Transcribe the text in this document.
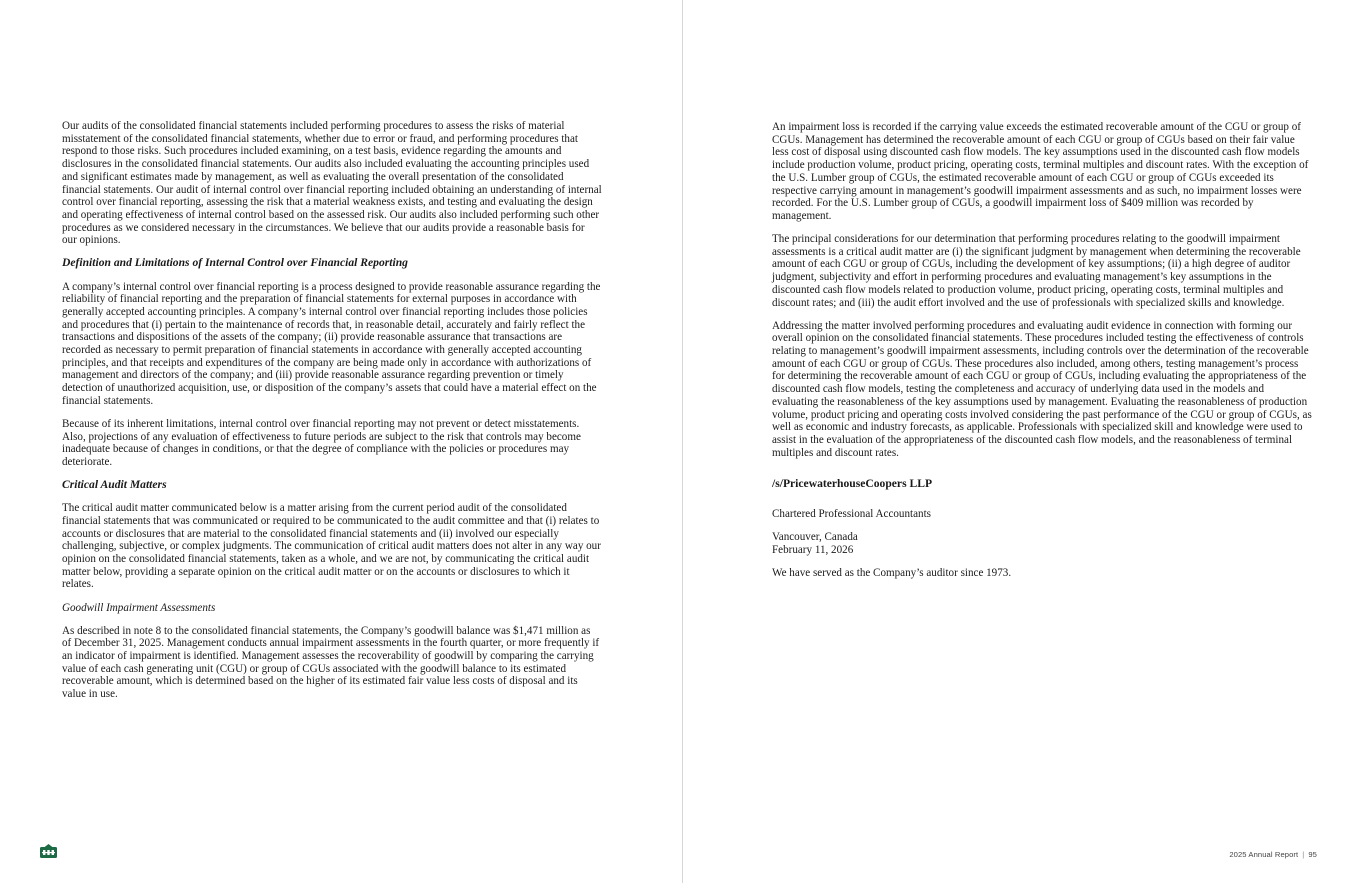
Our audits of the consolidated financial statements included performing procedures to assess the risks of material misstatement of the consolidated financial statements, whether due to error or fraud, and performing procedures that respond to those risks. Such procedures included examining, on a test basis, evidence regarding the amounts and disclosures in the consolidated financial statements. Our audits also included evaluating the accounting principles used and significant estimates made by management, as well as evaluating the overall presentation of the consolidated financial statements. Our audit of internal control over financial reporting included obtaining an understanding of internal control over financial reporting, assessing the risk that a material weakness exists, and testing and evaluating the design and operating effectiveness of internal control based on the assessed risk. Our audits also included performing such other procedures as we considered necessary in the circumstances. We believe that our audits provide a reasonable basis for our opinions.

Definition and Limitations of Internal Control over Financial Reporting

A company’s internal control over financial reporting is a process designed to provide reasonable assurance regarding the reliability of financial reporting and the preparation of financial statements for external purposes in accordance with generally accepted accounting principles. A company’s internal control over financial reporting includes those policies and procedures that (i) pertain to the maintenance of records that, in reasonable detail, accurately and fairly reflect the transactions and dispositions of the assets of the company; (ii) provide reasonable assurance that transactions are recorded as necessary to permit preparation of financial statements in accordance with generally accepted accounting principles, and that receipts and expenditures of the company are being made only in accordance with authorizations of management and directors of the company; and (iii) provide reasonable assurance regarding prevention or timely detection of unauthorized acquisition, use, or disposition of the company’s assets that could have a material effect on the financial statements.

Because of its inherent limitations, internal control over financial reporting may not prevent or detect misstatements. Also, projections of any evaluation of effectiveness to future periods are subject to the risk that controls may become inadequate because of changes in conditions, or that the degree of compliance with the policies or procedures may deteriorate.

Critical Audit Matters

The critical audit matter communicated below is a matter arising from the current period audit of the consolidated financial statements that was communicated or required to be communicated to the audit committee and that (i) relates to accounts or disclosures that are material to the consolidated financial statements and (ii) involved our especially challenging, subjective, or complex judgments. The communication of critical audit matters does not alter in any way our opinion on the consolidated financial statements, taken as a whole, and we are not, by communicating the critical audit matter below, providing a separate opinion on the critical audit matter or on the accounts or disclosures to which it relates.

Goodwill Impairment Assessments

As described in note 8 to the consolidated financial statements, the Company’s goodwill balance was $1,471 million as of December 31, 2025. Management conducts annual impairment assessments in the fourth quarter, or more frequently if an indicator of impairment is identified. Management assesses the recoverability of goodwill by comparing the carrying value of each cash generating unit (CGU) or group of CGUs associated with the goodwill balance to its estimated recoverable amount, which is determined based on the higher of its estimated fair value less costs of disposal and its value in use.

An impairment loss is recorded if the carrying value exceeds the estimated recoverable amount of the CGU or group of CGUs. Management has determined the recoverable amount of each CGU or group of CGUs based on their fair value less cost of disposal using discounted cash flow models. The key assumptions used in the discounted cash flow models include production volume, product pricing, operating costs, terminal multiples and discount rates. With the exception of the U.S. Lumber group of CGUs, the estimated recoverable amount of each CGU or group of CGUs exceeded its respective carrying amount in management’s goodwill impairment assessments and as such, no impairment losses were recorded. For the U.S. Lumber group of CGUs, a goodwill impairment loss of $409 million was recorded by management.

The principal considerations for our determination that performing procedures relating to the goodwill impairment assessments is a critical audit matter are (i) the significant judgment by management when determining the recoverable amount of each CGU or group of CGUs, including the development of key assumptions; (ii) a high degree of auditor judgment, subjectivity and effort in performing procedures and evaluating management’s key assumptions in the discounted cash flow models related to production volume, product pricing, operating costs, terminal multiples and discount rates; and (iii) the audit effort involved and the use of professionals with specialized skills and knowledge.

Addressing the matter involved performing procedures and evaluating audit evidence in connection with forming our overall opinion on the consolidated financial statements. These procedures included testing the effectiveness of controls relating to management’s goodwill impairment assessments, including controls over the determination of the recoverable amount of each CGU or group of CGUs. These procedures also included, among others, testing management’s process for determining the recoverable amount of each CGU or group of CGUs, including evaluating the appropriateness of the discounted cash flow models, testing the completeness and accuracy of underlying data used in the models and evaluating the reasonableness of the key assumptions used by management. Evaluating the reasonableness of production volume, product pricing and operating costs involved considering the past performance of the CGU or group of CGUs, as well as economic and industry forecasts, as applicable. Professionals with specialized skill and knowledge were used to assist in the evaluation of the appropriateness of the discounted cash flow models, and the reasonableness of terminal multiples and discount rates.

/s/PricewaterhouseCoopers LLP

Chartered Professional Accountants

Vancouver, Canada

February 11, 2026

We have served as the Company’s auditor since 1973.

2025 Annual Report | 95
